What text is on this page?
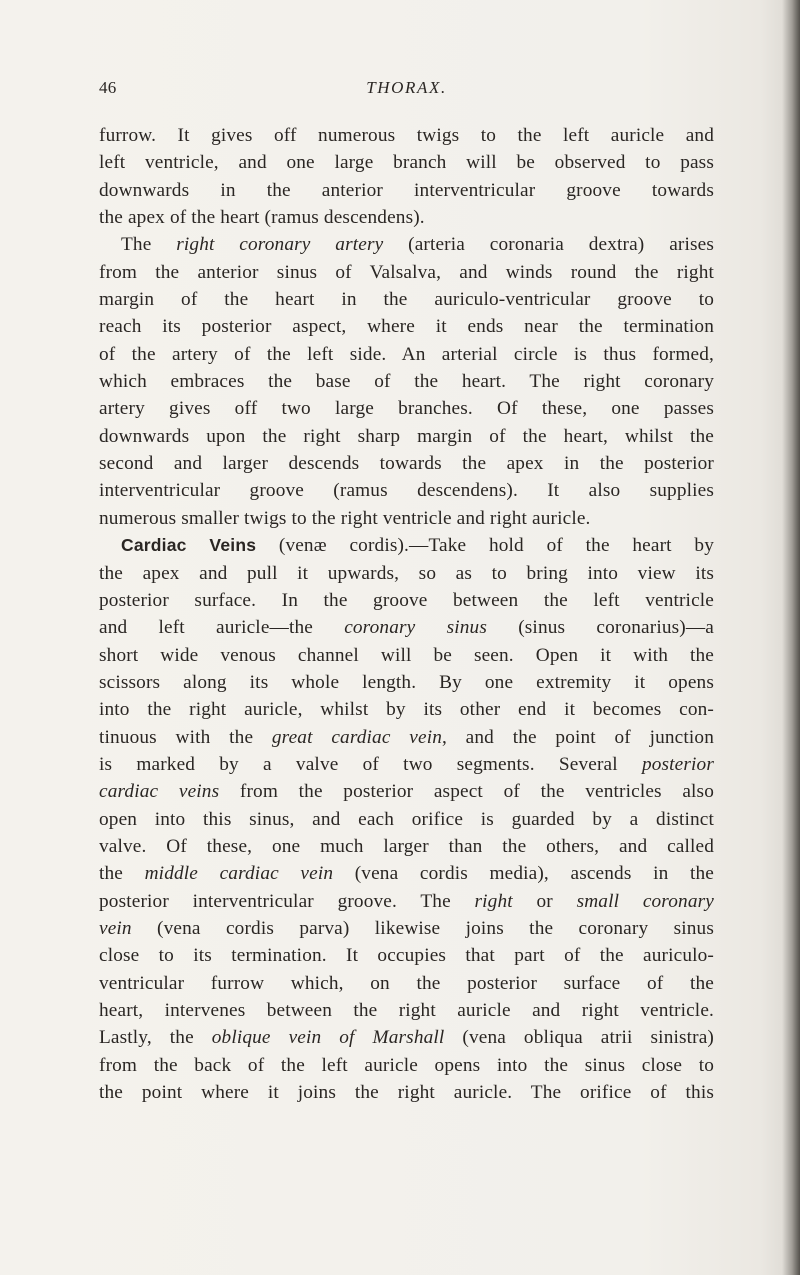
46	THORAX.
furrow. It gives off numerous twigs to the left auricle and
left ventricle, and one large branch will be observed to pass
downwards in the anterior interventricular groove towards
the apex of the heart (ramus descendens).
The right coronary artery (arteria coronaria dextra) arises
from the anterior sinus of Valsalva, and winds round the right
margin of the heart in the auriculo-ventricular groove to
reach its posterior aspect, where it ends near the termination
of the artery of the left side. An arterial circle is thus formed,
which embraces the base of the heart. The right coronary
artery gives off two large branches. Of these, one passes
downwards upon the right sharp margin of the heart, whilst the
second and larger descends towards the apex in the posterior
interventricular groove (ramus descendens). It also supplies
numerous smaller twigs to the right ventricle and right auricle.
Cardiac Veins (venæ cordis).—Take hold of the heart by
the apex and pull it upwards, so as to bring into view its
posterior surface. In the groove between the left ventricle
and left auricle—the coronary sinus (sinus coronarius)—a
short wide venous channel will be seen. Open it with the
scissors along its whole length. By one extremity it opens
into the right auricle, whilst by its other end it becomes con-
tinuous with the great cardiac vein, and the point of junction
is marked by a valve of two segments. Several posterior
cardiac veins from the posterior aspect of the ventricles also
open into this sinus, and each orifice is guarded by a distinct
valve. Of these, one much larger than the others, and called
the middle cardiac vein (vena cordis media), ascends in the
posterior interventricular groove. The right or small coronary
vein (vena cordis parva) likewise joins the coronary sinus
close to its termination. It occupies that part of the auriculo-
ventricular furrow which, on the posterior surface of the
heart, intervenes between the right auricle and right ventricle.
Lastly, the oblique vein of Marshall (vena obliqua atrii sinistra)
from the back of the left auricle opens into the sinus close to
the point where it joins the right auricle. The orifice of this
